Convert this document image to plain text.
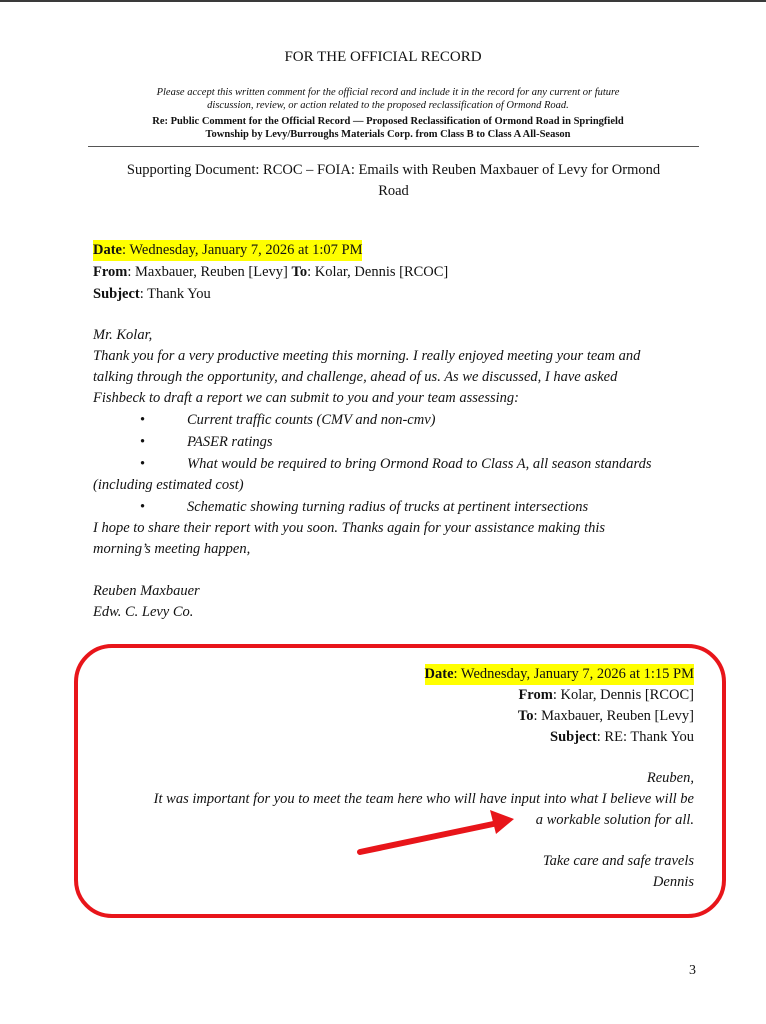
FOR THE OFFICIAL RECORD
Please accept this written comment for the official record and include it in the record for any current or future
discussion, review, or action related to the proposed reclassification of Ormond Road.
Re: Public Comment for the Official Record — Proposed Reclassification of Ormond Road in Springfield
Township by Levy/Burroughs Materials Corp. from Class B to Class A All-Season
Supporting Document: RCOC – FOIA: Emails with Reuben Maxbauer of Levy for Ormond
Road
Date: Wednesday, January 7, 2026 at 1:07 PM
From: Maxbauer, Reuben [Levy] To: Kolar, Dennis [RCOC]
Subject: Thank You
Mr. Kolar,
Thank you for a very productive meeting this morning. I really enjoyed meeting your team and
talking through the opportunity, and challenge, ahead of us. As we discussed, I have asked
Fishbeck to draft a report we can submit to you and your team assessing:
•	Current traffic counts (CMV and non-cmv)
•	PASER ratings
•	What would be required to bring Ormond Road to Class A, all season standards
(including estimated cost)
•	Schematic showing turning radius of trucks at pertinent intersections
I hope to share their report with you soon. Thanks again for your assistance making this
morning’s meeting happen,
Reuben Maxbauer
Edw. C. Levy Co.
Date: Wednesday, January 7, 2026 at 1:15 PM
From: Kolar, Dennis [RCOC]
To: Maxbauer, Reuben [Levy]
Subject: RE: Thank You
Reuben,
It was important for you to meet the team here who will have input into what I believe will be
a workable solution for all.
Take care and safe travels
Dennis
3
